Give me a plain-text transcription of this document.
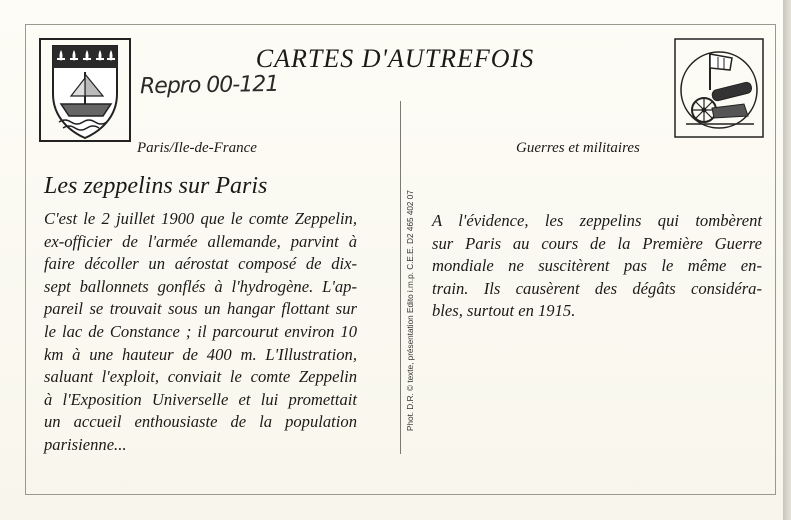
CARTES D'AUTREFOIS
Repro 00-121
Paris/Ile-de-France	Guerres et militaires
Les zeppelins sur Paris
C'est le 2 juillet 1900 que le comte Zeppelin,
ex-officier de l'armée allemande, parvint à
faire décoller un aérostat composé de dix-
sept ballonnets gonflés à l'hydrogène. L'ap-
pareil se trouvait sous un hangar flottant sur
le lac de Constance ; il parcourut environ 10
km à une hauteur de 400 m. L'Illustration,
saluant l'exploit, conviait le comte Zeppelin
à l'Exposition Universelle et lui promettait
un accueil enthousiaste de la population
parisienne...
Phot. D.R. © texte, présentation Edito i.m.p. C.E.E. D2 465 402 07 A l'évidence, les zeppelins qui tombèrent
sur Paris au cours de la Première Guerre
mondiale ne suscitèrent pas le même en-
train. Ils causèrent des dégâts considéra-
bles, surtout en 1915.
